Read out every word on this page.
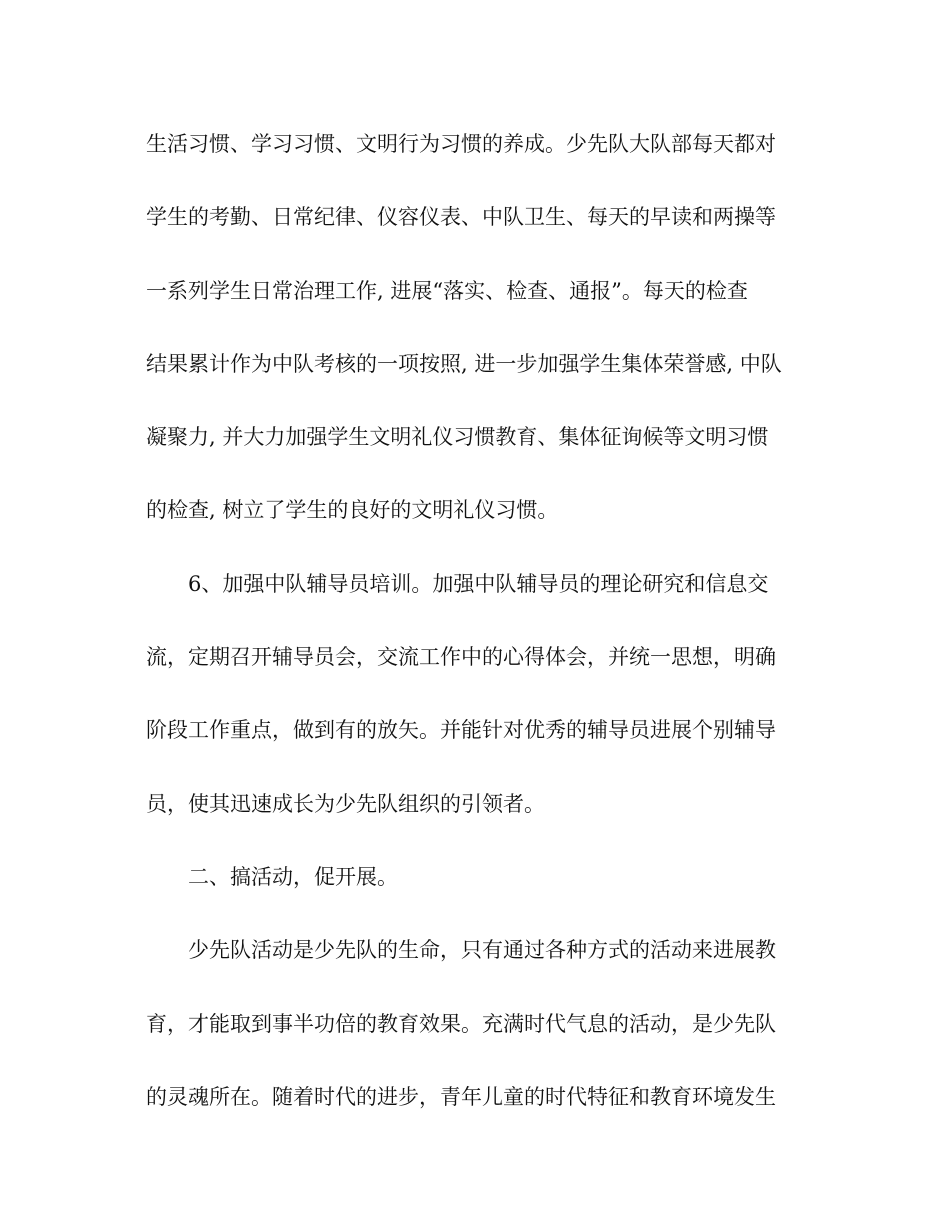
生活习惯、学习习惯、文明行为习惯的养成。少先队大队部每天都对
学生的考勤、日常纪律、仪容仪表、中队卫生、每天的早读和两操等
一系列学生日常治理工作, 进展“落实、检查、通报”。每天的检查
结果累计作为中队考核的一项按照, 进一步加强学生集体荣誉感, 中队
凝聚力, 并大力加强学生文明礼仪习惯教育、集体征询候等文明习惯
的检查, 树立了学生的良好的文明礼仪习惯。
6、加强中队辅导员培训。加强中队辅导员的理论研究和信息交
流，定期召开辅导员会，交流工作中的心得体会，并统一思想，明确
阶段工作重点，做到有的放矢。并能针对优秀的辅导员进展个别辅导
员，使其迅速成长为少先队组织的引领者。
二、搞活动，促开展。
少先队活动是少先队的生命，只有通过各种方式的活动来进展教
育，才能取到事半功倍的教育效果。充满时代气息的活动，是少先队
的灵魂所在。随着时代的进步，青年儿童的时代特征和教育环境发生
